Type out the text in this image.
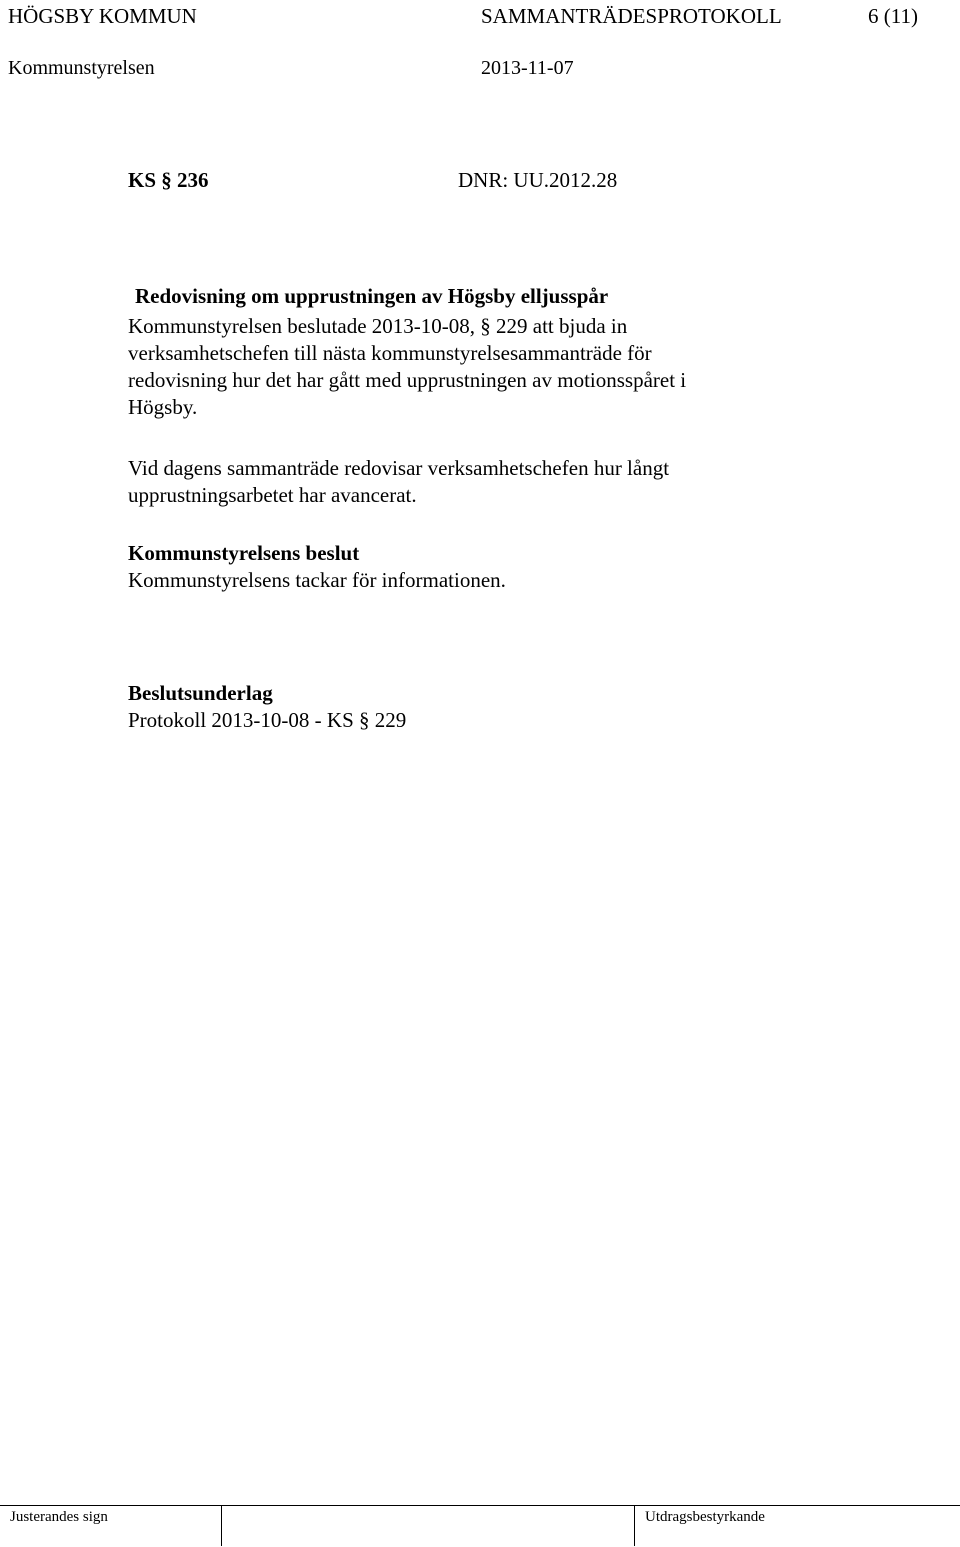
HÖGSBY KOMMUN	SAMMANTRÄDESPROTOKOLL	6 (11)
Kommunstyrelsen	2013-11-07
KS § 236	DNR: UU.2012.28
Redovisning om upprustningen av Högsby elljusspår

Kommunstyrelsen beslutade 2013-10-08, § 229 att bjuda in

verksamhetschefen till nästa kommunstyrelsesammanträde för

redovisning hur det har gått med upprustningen av motionsspåret i

Högsby.

Vid dagens sammanträde redovisar verksamhetschefen hur långt

upprustningsarbetet har avancerat.

Kommunstyrelsens beslut
Kommunstyrelsens tackar för informationen.
Beslutsunderlag
Protokoll 2013-10-08 - KS § 229
Justerandes sign	Utdragsbestyrkande
